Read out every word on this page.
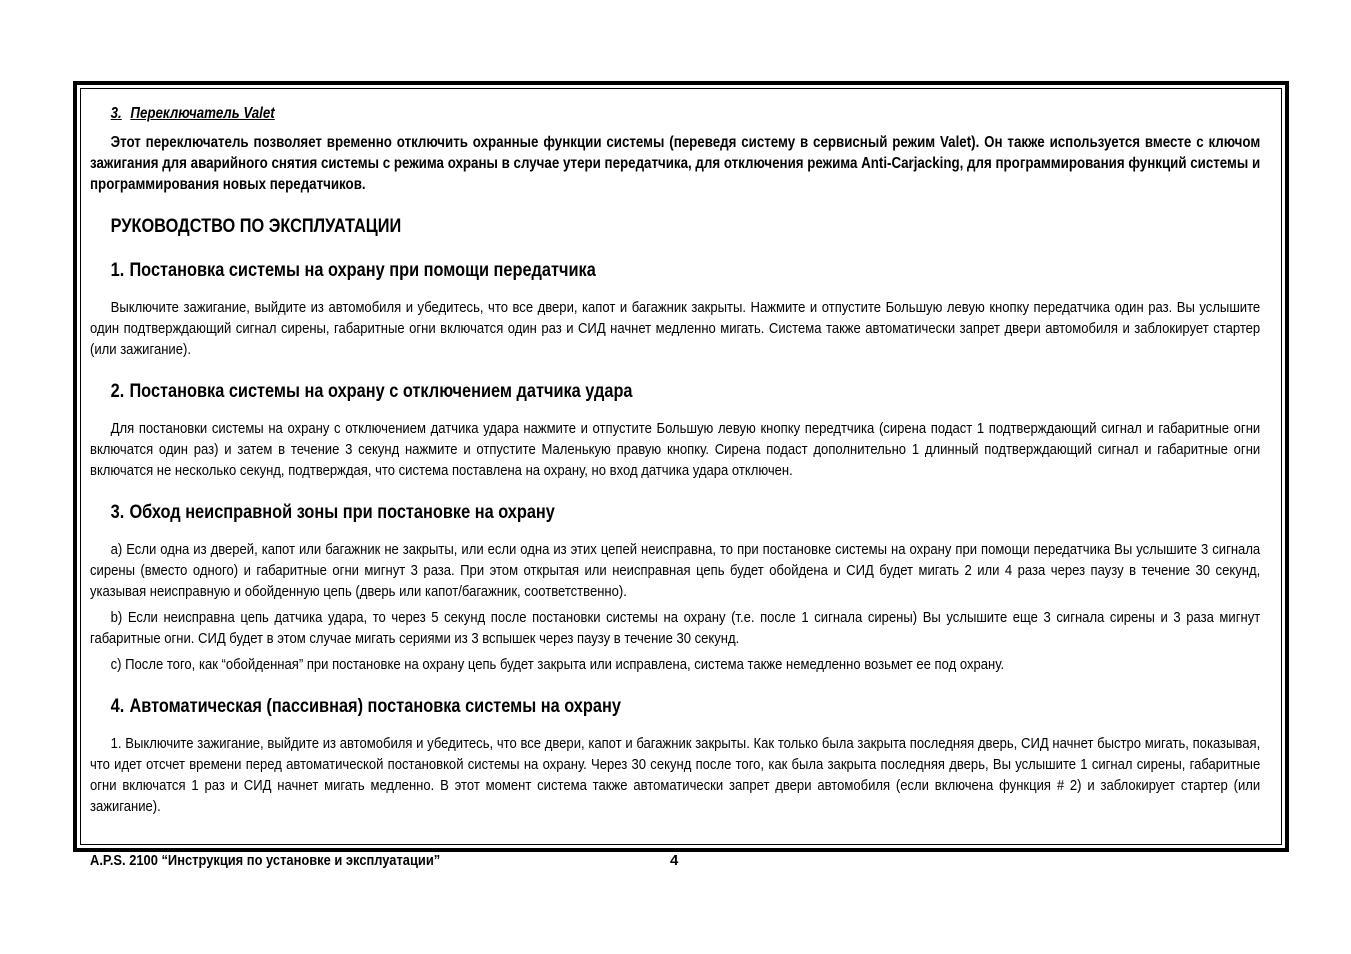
3. Переключатель Valet

Этот переключатель позволяет временно отключить охранные функции системы (переведя систему в сервисный режим Valet). Он также используется вместе с ключом зажигания для аварийного снятия системы с режима охраны в случае утери передатчика, для отключения режима Anti-Carjacking, для программирования функций системы и программирования новых передатчиков.

РУКОВОДСТВО ПО ЭКСПЛУАТАЦИИ
1. Постановка системы на охрану при помощи передатчика

Выключите зажигание, выйдите из автомобиля и убедитесь, что все двери, капот и багажник закрыты. Нажмите и отпустите Большую левую кнопку передатчика один раз. Вы услышите один подтверждающий сигнал сирены, габаритные огни включатся один раз и СИД начнет медленно мигать. Система также автоматически запрет двери автомобиля и заблокирует стартер (или зажигание).

2. Постановка системы на охрану с отключением датчика удара

Для постановки системы на охрану с отключением датчика удара нажмите и отпустите Большую левую кнопку передтчика (сирена подаст 1 подтверждающий сигнал и габаритные огни включатся один раз) и затем в течение 3 секунд нажмите и отпустите Маленькую правую кнопку. Сирена подаст дополнительно 1 длинный подтверждающий сигнал и габаритные огни включатся не несколько секунд, подтверждая, что система поставлена на охрану, но вход датчика удара отключен.

3. Обход неисправной зоны при постановке на охрану

a) Если одна из дверей, капот или багажник не закрыты, или если одна из этих цепей неисправна, то при постановке системы на охрану при помощи передатчика Вы услышите 3 сигнала сирены (вместо одного) и габаритные огни мигнут 3 раза. При этом открытая или неисправная цепь будет обойдена и СИД будет мигать 2 или 4 раза через паузу в течение 30 секунд, указывая неисправную и обойденную цепь (дверь или капот/багажник, соответственно).

b) Если неисправна цепь датчика удара, то через 5 секунд после постановки системы на охрану (т.е. после 1 сигнала сирены) Вы услышите еще 3 сигнала сирены и 3 раза мигнут габаритные огни. СИД будет в этом случае мигать сериями из 3 вспышек через паузу в течение 30 секунд.

c) После того, как “обойденная” при постановке на охрану цепь будет закрыта или исправлена, система также немедленно возьмет ее под охрану.

4. Автоматическая (пассивная) постановка системы на охрану

1. Выключите зажигание, выйдите из автомобиля и убедитесь, что все двери, капот и багажник закрыты. Как только была закрыта последняя дверь, СИД начнет быстро мигать, показывая, что идет отсчет времени перед автоматической постановкой системы на охрану. Через 30 секунд после того, как была закрыта последняя дверь, Вы услышите 1 сигнал сирены, габаритные огни включатся 1 раз и СИД начнет мигать медленно. В этот момент система также автоматически запрет двери автомобиля (если включена функция # 2) и заблокирует стартер (или зажигание).

A.P.S. 2100 “Инструкция по установке и эксплуатации”	4
